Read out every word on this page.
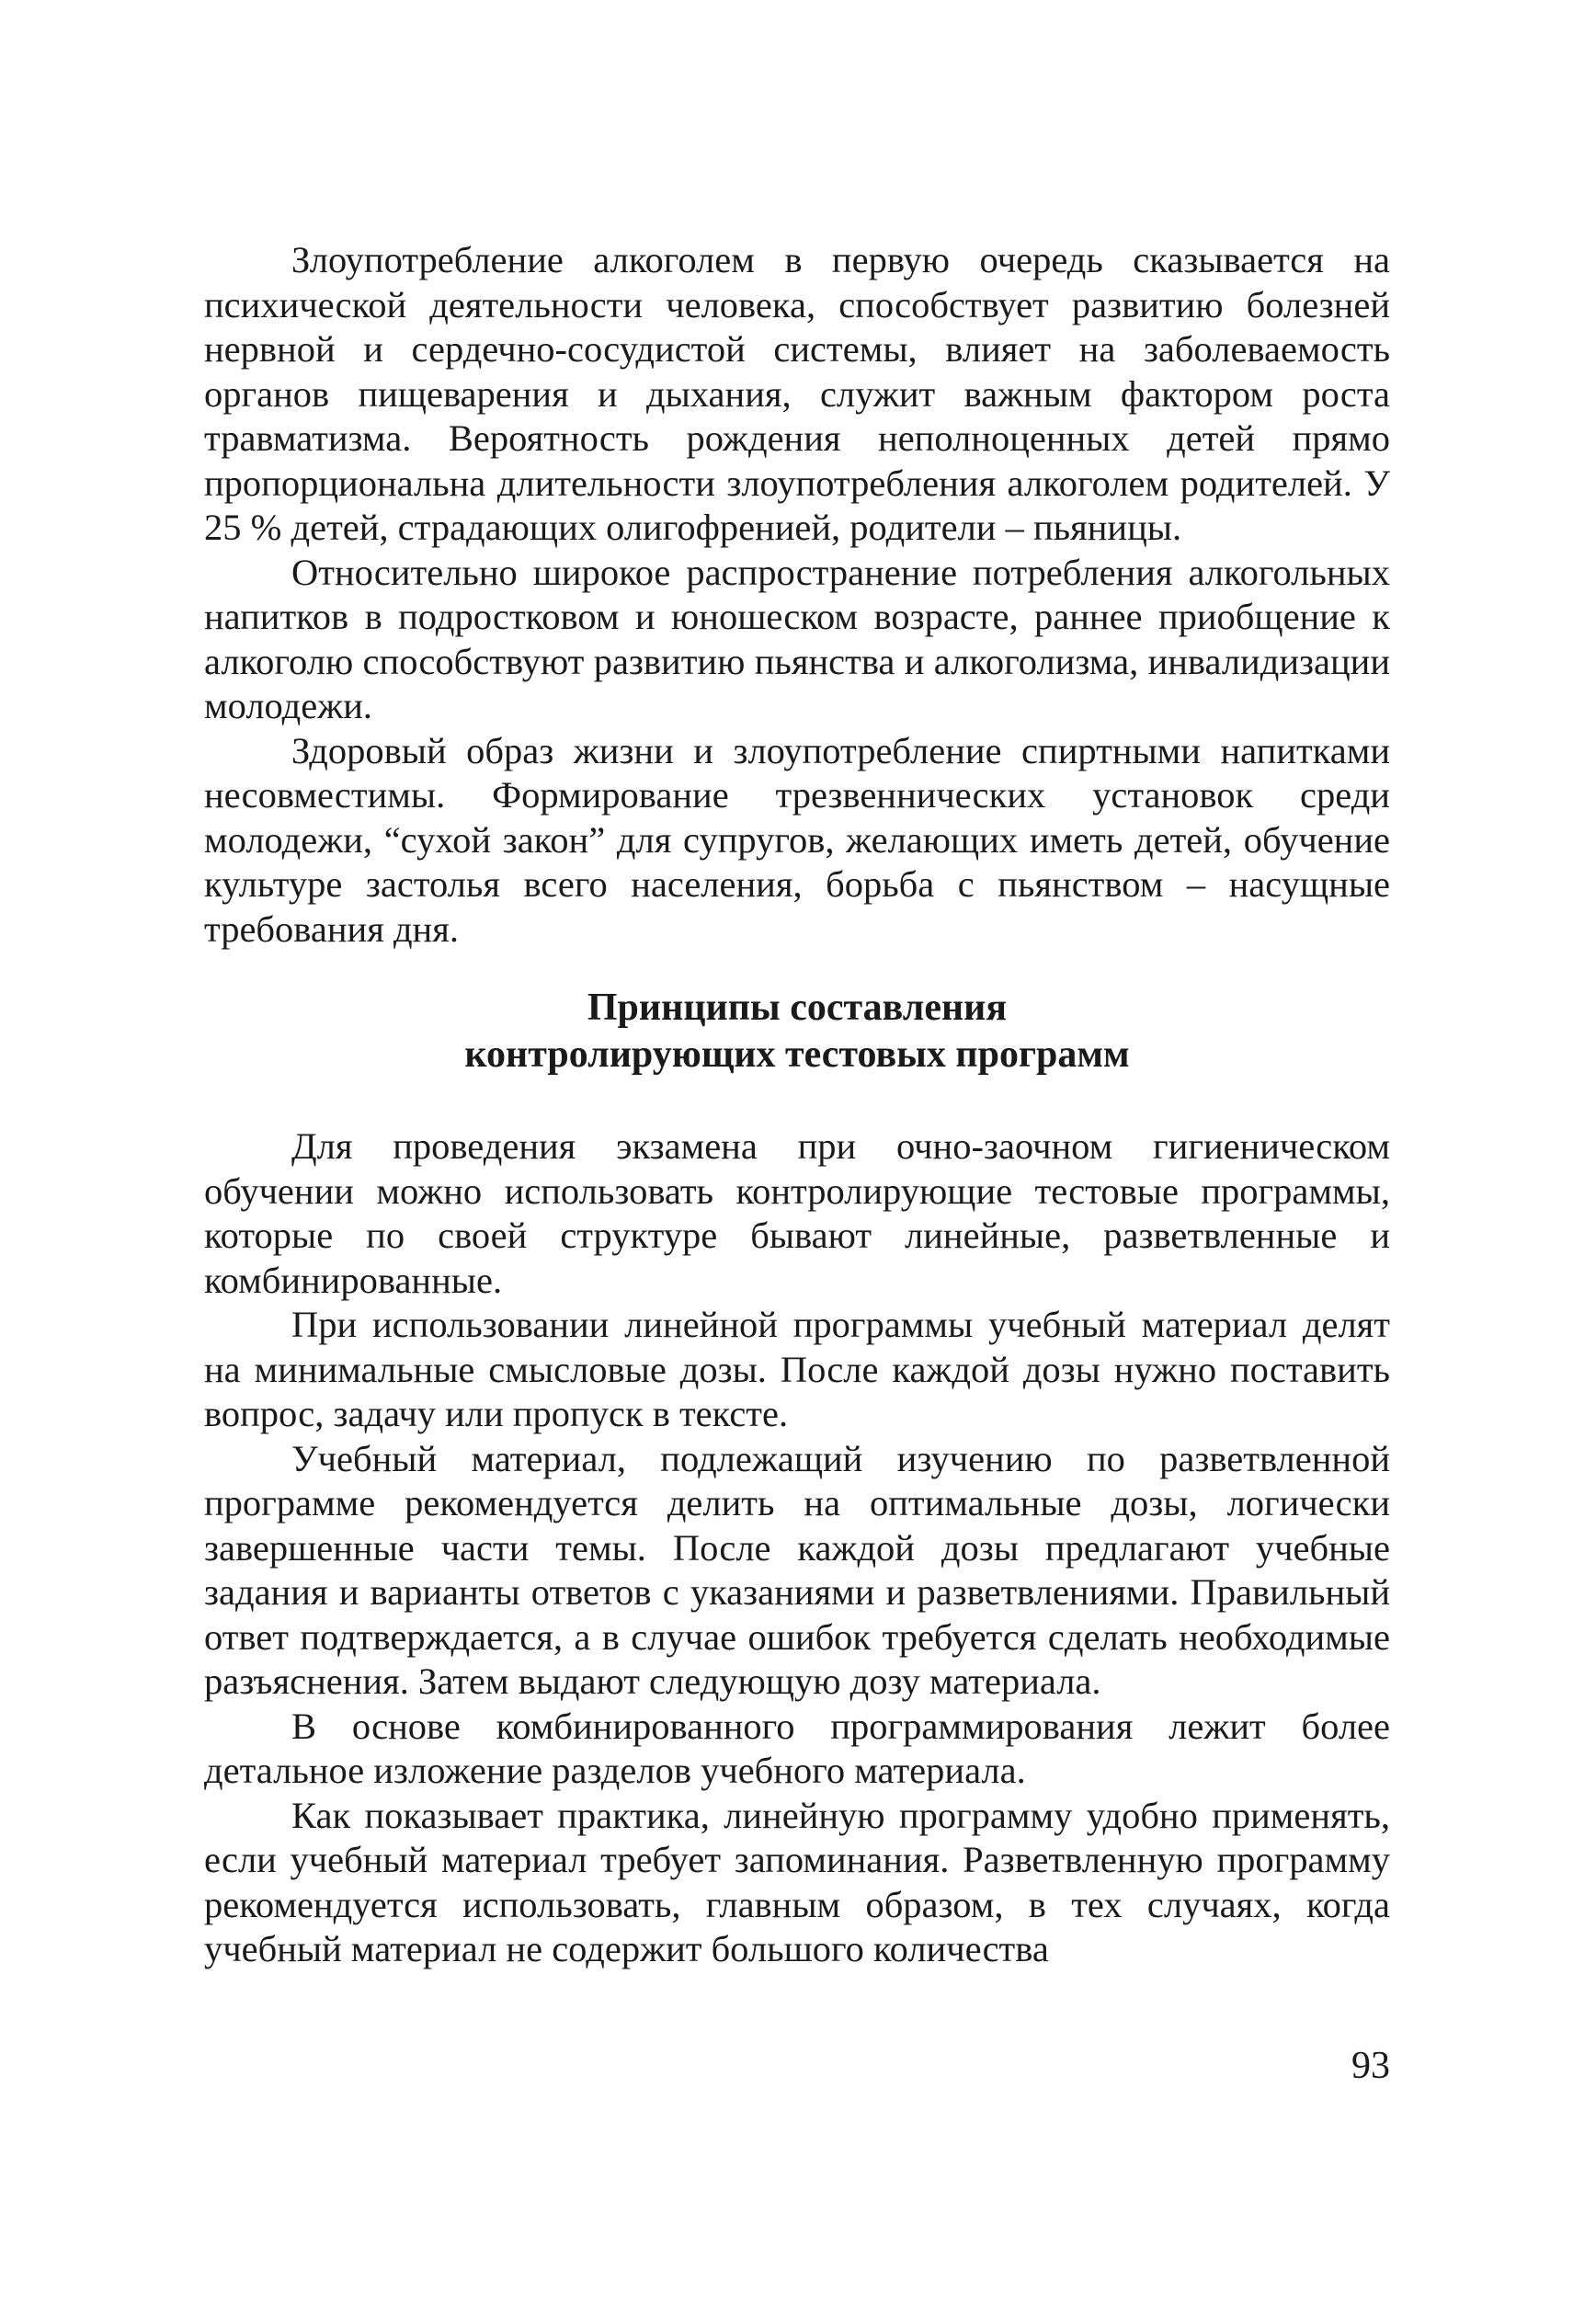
Злоупотребление алкоголем в первую очередь сказывается на психической деятельности человека, способствует развитию болезней нервной и сердечно-сосудистой системы, влияет на заболеваемость органов пищеварения и дыхания, служит важным фактором роста травматизма. Вероятность рождения неполноценных детей прямо пропорциональна длительности злоупотребления алкоголем родителей. У 25 % детей, страдающих олигофренией, родители – пьяницы.

Относительно широкое распространение потребления алкогольных напитков в подростковом и юношеском возрасте, раннее приобщение к алкоголю способствуют развитию пьянства и алкоголизма, инвалидизации молодежи.

Здоровый образ жизни и злоупотребление спиртными напитками несовместимы. Формирование трезвеннических установок среди молодежи, “сухой закон” для супругов, желающих иметь детей, обучение культуре застолья всего населения, борьба с пьянством – насущные требования дня.

Принципы составления
контролирующих тестовых программ

Для проведения экзамена при очно-заочном гигиеническом обучении можно использовать контролирующие тестовые программы, которые по своей структуре бывают линейные, разветвленные и комбинированные.

При использовании линейной программы учебный материал делят на минимальные смысловые дозы. После каждой дозы нужно поставить вопрос, задачу или пропуск в тексте.

Учебный материал, подлежащий изучению по разветвленной программе рекомендуется делить на оптимальные дозы, логически завершенные части темы. После каждой дозы предлагают учебные задания и варианты ответов с указаниями и разветвлениями. Правильный ответ подтверждается, а в случае ошибок требуется сделать необходимые разъяснения. Затем выдают следующую дозу материала.

В основе комбинированного программирования лежит более детальное изложение разделов учебного материала.

Как показывает практика, линейную программу удобно применять, если учебный материал требует запоминания. Разветвленную программу рекомендуется использовать, главным образом, в тех случаях, когда учебный материал не содержит большого количества

93
